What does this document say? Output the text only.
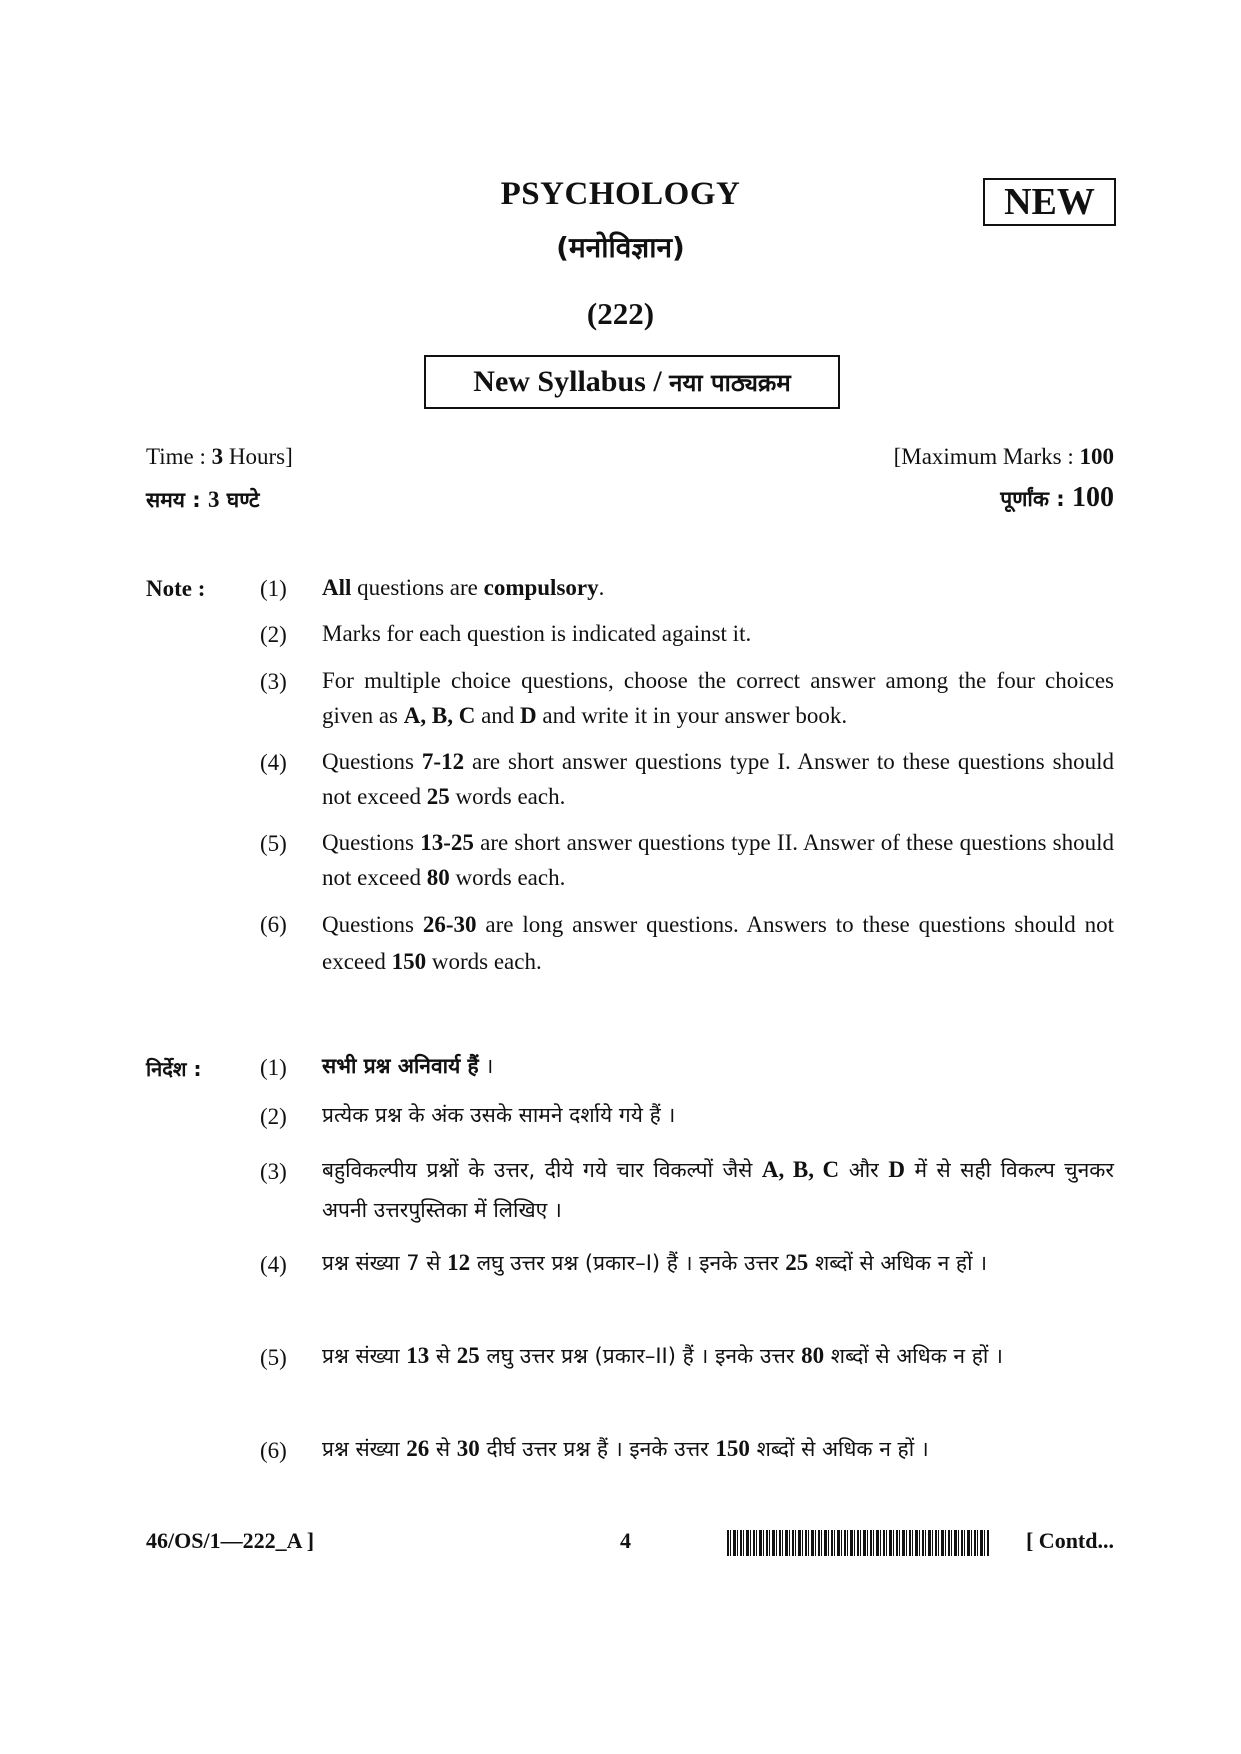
PSYCHOLOGY
(मनोविज्ञान)
(222)
NEW
New Syllabus / नया पाठ्यक्रम
Time : 3 Hours]	[Maximum Marks : 100
समय : 3 घण्टे	पूर्णांक : 100
Note : (1) All questions are compulsory.
(2) Marks for each question is indicated against it.
(3) For multiple choice questions, choose the correct answer among the four choices given as A, B, C and D and write it in your answer book.
(4) Questions 7-12 are short answer questions type I. Answer to these questions should not exceed 25 words each.
(5) Questions 13-25 are short answer questions type II. Answer of these questions should not exceed 80 words each.
(6) Questions 26-30 are long answer questions. Answers to these questions should not exceed 150 words each.
निर्देश :	(1) सभी प्रश्न अनिवार्य हैं ।
(2) प्रत्येक प्रश्न के अंक उसके सामने दर्शाये गये हैं ।
(3) बहुविकल्पीय प्रश्नों के उत्तर, दीये गये चार विकल्पों जैसे A, B, C और D में से सही विकल्प चुनकर अपनी उत्तरपुस्तिका में लिखिए ।
(4) प्रश्न संख्या 7 से 12 लघु उत्तर प्रश्न (प्रकार–I) हैं । इनके उत्तर 25 शब्दों से अधिक न हों ।
(5) प्रश्न संख्या 13 से 25 लघु उत्तर प्रश्न (प्रकार–II) हैं । इनके उत्तर 80 शब्दों से अधिक न हों ।
(6) प्रश्न संख्या 26 से 30 दीर्घ उत्तर प्रश्न हैं । इनके उत्तर 150 शब्दों से अधिक न हों ।
46/OS/1—222_A ]	4	[ Contd...
